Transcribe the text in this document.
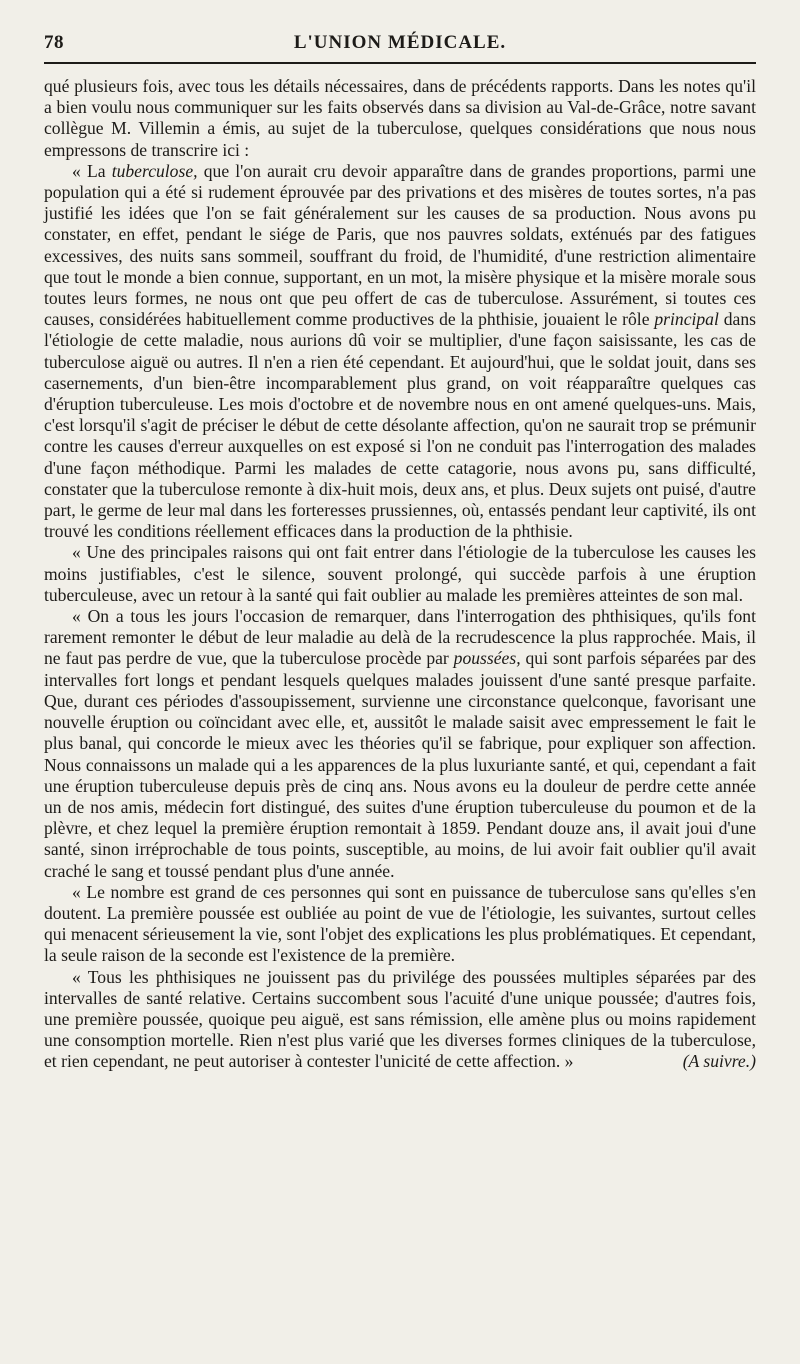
78	L'UNION MÉDICALE.

qué plusieurs fois, avec tous les détails nécessaires, dans de précédents rapports. Dans les notes qu'il a bien voulu nous communiquer sur les faits observés dans sa division au Val-de-Grâce, notre savant collègue M. Villemin a émis, au sujet de la tuberculose, quelques considérations que nous nous empressons de transcrire ici :

« La tuberculose, que l'on aurait cru devoir apparaître dans de grandes proportions, parmi une population qui a été si rudement éprouvée par des privations et des misères de toutes sortes, n'a pas justifié les idées que l'on se fait généralement sur les causes de sa production. Nous avons pu constater, en effet, pendant le siége de Paris, que nos pauvres soldats, exténués par des fatigues excessives, des nuits sans sommeil, souffrant du froid, de l'humidité, d'une restriction alimentaire que tout le monde a bien connue, supportant, en un mot, la misère physique et la misère morale sous toutes leurs formes, ne nous ont que peu offert de cas de tuberculose. Assurément, si toutes ces causes, considérées habituellement comme productives de la phthisie, jouaient le rôle principal dans l'étiologie de cette maladie, nous aurions dû voir se multiplier, d'une façon saisissante, les cas de tuberculose aiguë ou autres. Il n'en a rien été cependant. Et aujourd'hui, que le soldat jouit, dans ses casernements, d'un bien-être incomparablement plus grand, on voit réapparaître quelques cas d'éruption tuberculeuse. Les mois d'octobre et de novembre nous en ont amené quelques-uns. Mais, c'est lorsqu'il s'agit de préciser le début de cette désolante affection, qu'on ne saurait trop se prémunir contre les causes d'erreur auxquelles on est exposé si l'on ne conduit pas l'interrogation des malades d'une façon méthodique. Parmi les malades de cette catagorie, nous avons pu, sans difficulté, constater que la tuberculose remonte à dix-huit mois, deux ans, et plus. Deux sujets ont puisé, d'autre part, le germe de leur mal dans les forteresses prussiennes, où, entassés pendant leur captivité, ils ont trouvé les conditions réellement efficaces dans la production de la phthisie.

« Une des principales raisons qui ont fait entrer dans l'étiologie de la tuberculose les causes les moins justifiables, c'est le silence, souvent prolongé, qui succède parfois à une éruption tuberculeuse, avec un retour à la santé qui fait oublier au malade les premières atteintes de son mal.

« On a tous les jours l'occasion de remarquer, dans l'interrogation des phthisiques, qu'ils font rarement remonter le début de leur maladie au delà de la recrudescence la plus rapprochée. Mais, il ne faut pas perdre de vue, que la tuberculose procède par poussées, qui sont parfois séparées par des intervalles fort longs et pendant lesquels quelques malades jouissent d'une santé presque parfaite. Que, durant ces périodes d'assoupissement, survienne une circonstance quelconque, favorisant une nouvelle éruption ou coïncidant avec elle, et, aussitôt le malade saisit avec empressement le fait le plus banal, qui concorde le mieux avec les théories qu'il se fabrique, pour expliquer son affection. Nous connaissons un malade qui a les apparences de la plus luxuriante santé, et qui, cependant a fait une éruption tuberculeuse depuis près de cinq ans. Nous avons eu la douleur de perdre cette année un de nos amis, médecin fort distingué, des suites d'une éruption tuberculeuse du poumon et de la plèvre, et chez lequel la première éruption remontait à 1859. Pendant douze ans, il avait joui d'une santé, sinon irréprochable de tous points, susceptible, au moins, de lui avoir fait oublier qu'il avait craché le sang et toussé pendant plus d'une année.

« Le nombre est grand de ces personnes qui sont en puissance de tuberculose sans qu'elles s'en doutent. La première poussée est oubliée au point de vue de l'étiologie, les suivantes, surtout celles qui menacent sérieusement la vie, sont l'objet des explications les plus problématiques. Et cependant, la seule raison de la seconde est l'existence de la première.

« Tous les phthisiques ne jouissent pas du privilége des poussées multiples séparées par des intervalles de santé relative. Certains succombent sous l'acuité d'une unique poussée; d'autres fois, une première poussée, quoique peu aiguë, est sans rémission, elle amène plus ou moins rapidement une consomption mortelle. Rien n'est plus varié que les diverses formes cliniques de la tuberculose, et rien cependant, ne peut autoriser à contester l'unicité de cette affection. »	(A suivre.)
